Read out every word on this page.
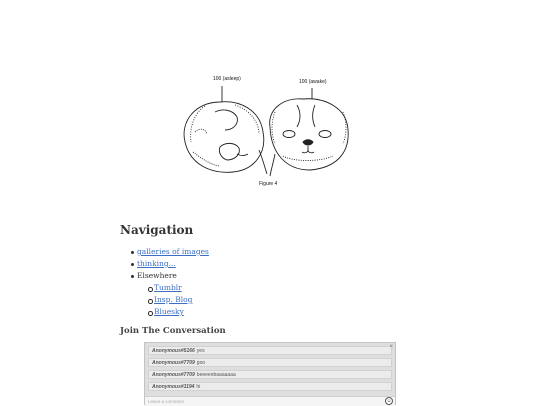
100 (asleep)	100 (awake)
Figure 4
Navigation
galleries of images
thinking...
Elsewhere
Tumblr
Insp. Blog
Bluesky
Join The Conversation
Anonymous#5166 yes
×
Anonymous#7709 goo
Anonymous#7709 beeeeebaaaaaaa
Anonymous#1194 hi
Leave a comment
☺
